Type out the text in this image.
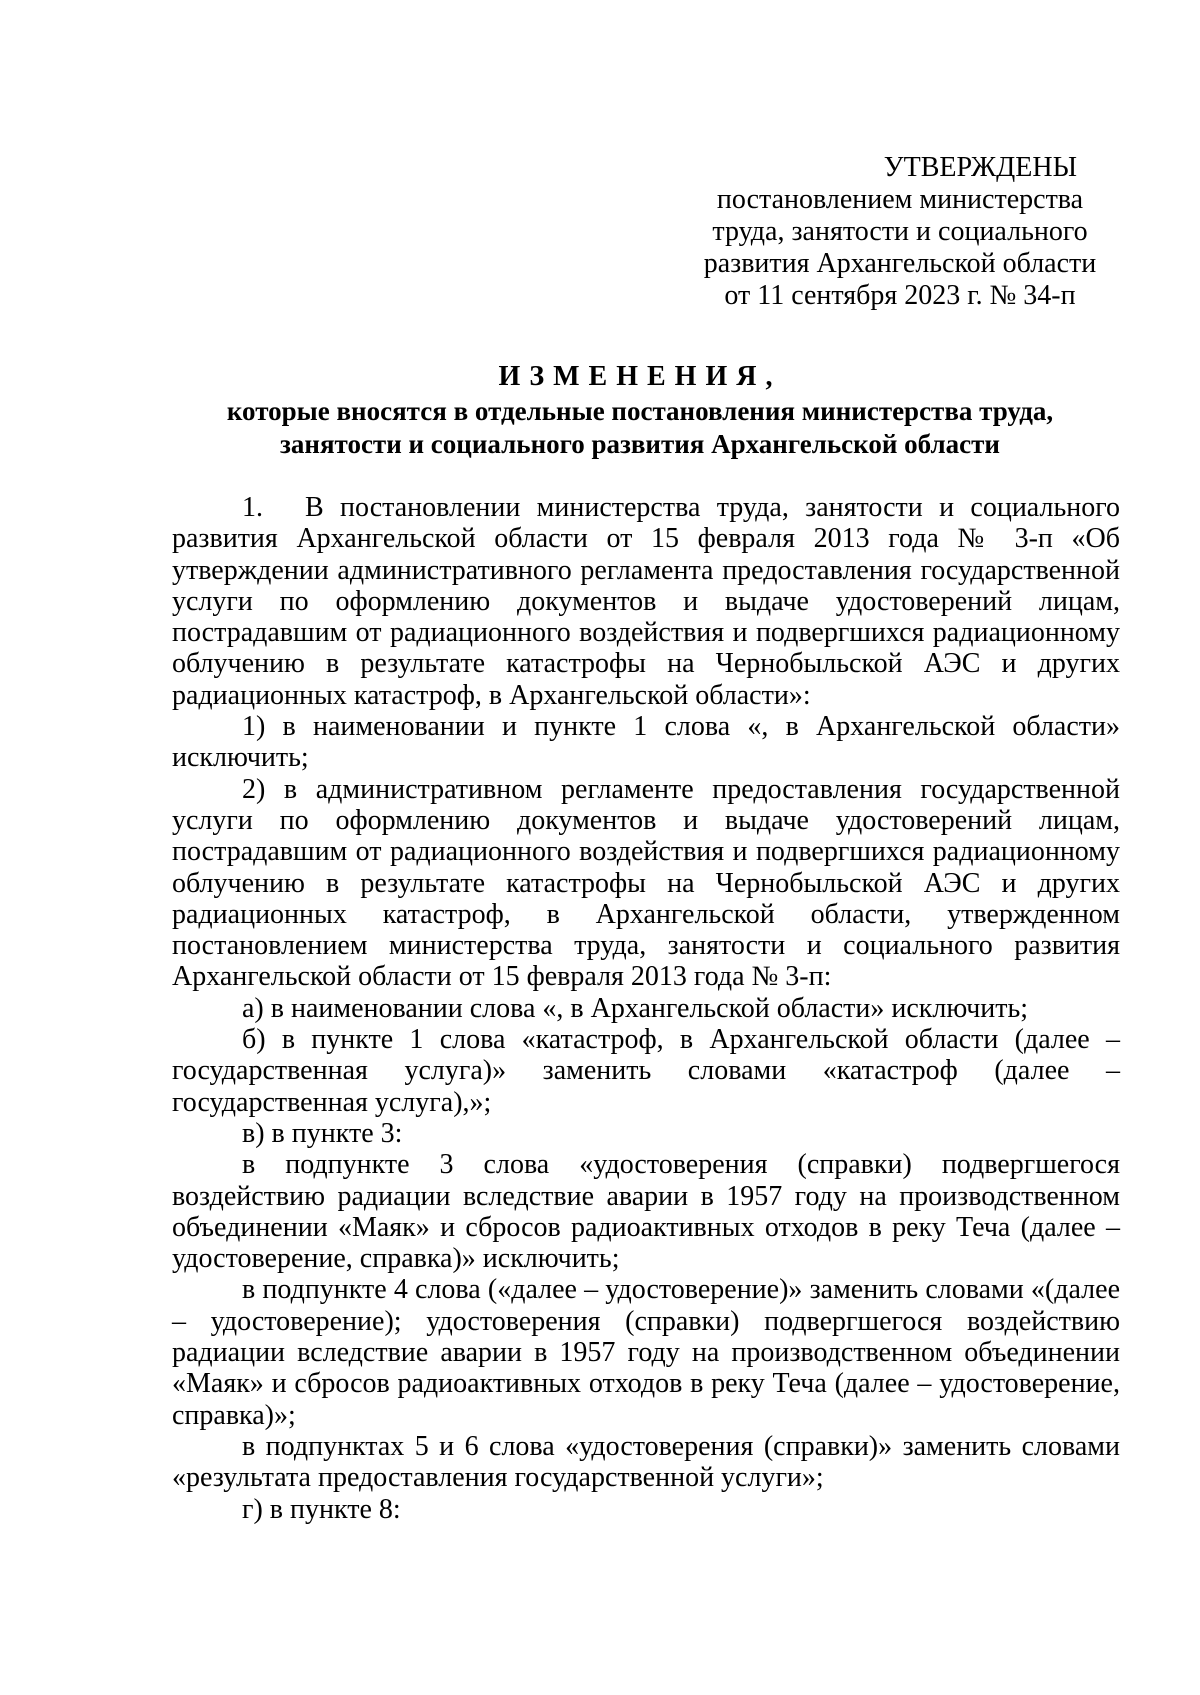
УТВЕРЖДЕНЫ
постановлением министерства
труда, занятости и социального
развития Архангельской области
от 11 сентября 2023 г. № 34-п
ИЗМЕНЕНИЯ,
которые вносятся в отдельные постановления министерства труда,
занятости и социального развития Архангельской области

1. В постановлении министерства труда, занятости и социального развития Архангельской области от 15 февраля 2013 года № 3-п «Об утверждении административного регламента предоставления государственной услуги по оформлению документов и выдаче удостоверений лицам, пострадавшим от радиационного воздействия и подвергшихся радиационному облучению в результате катастрофы на Чернобыльской АЭС и других радиационных катастроф, в Архангельской области»:

1) в наименовании и пункте 1 слова «, в Архангельской области» исключить;

2) в административном регламенте предоставления государственной услуги по оформлению документов и выдаче удостоверений лицам, пострадавшим от радиационного воздействия и подвергшихся радиационному облучению в результате катастрофы на Чернобыльской АЭС и других радиационных катастроф, в Архангельской области, утвержденном постановлением министерства труда, занятости и социального развития Архангельской области от 15 февраля 2013 года № 3-п:

а) в наименовании слова «, в Архангельской области» исключить;

б) в пункте 1 слова «катастроф, в Архангельской области (далее – государственная услуга)» заменить словами «катастроф (далее – государственная услуга),»;

в) в пункте 3:

в подпункте 3 слова «удостоверения (справки) подвергшегося воздействию радиации вследствие аварии в 1957 году на производственном объединении «Маяк» и сбросов радиоактивных отходов в реку Теча (далее – удостоверение, справка)» исключить;

в подпункте 4 слова («далее – удостоверение)» заменить словами «(далее – удостоверение); удостоверения (справки) подвергшегося воздействию радиации вследствие аварии в 1957 году на производственном объединении «Маяк» и сбросов радиоактивных отходов в реку Теча (далее – удостоверение, справка)»;

в подпунктах 5 и 6 слова «удостоверения (справки)» заменить словами «результата предоставления государственной услуги»;

г) в пункте 8:
